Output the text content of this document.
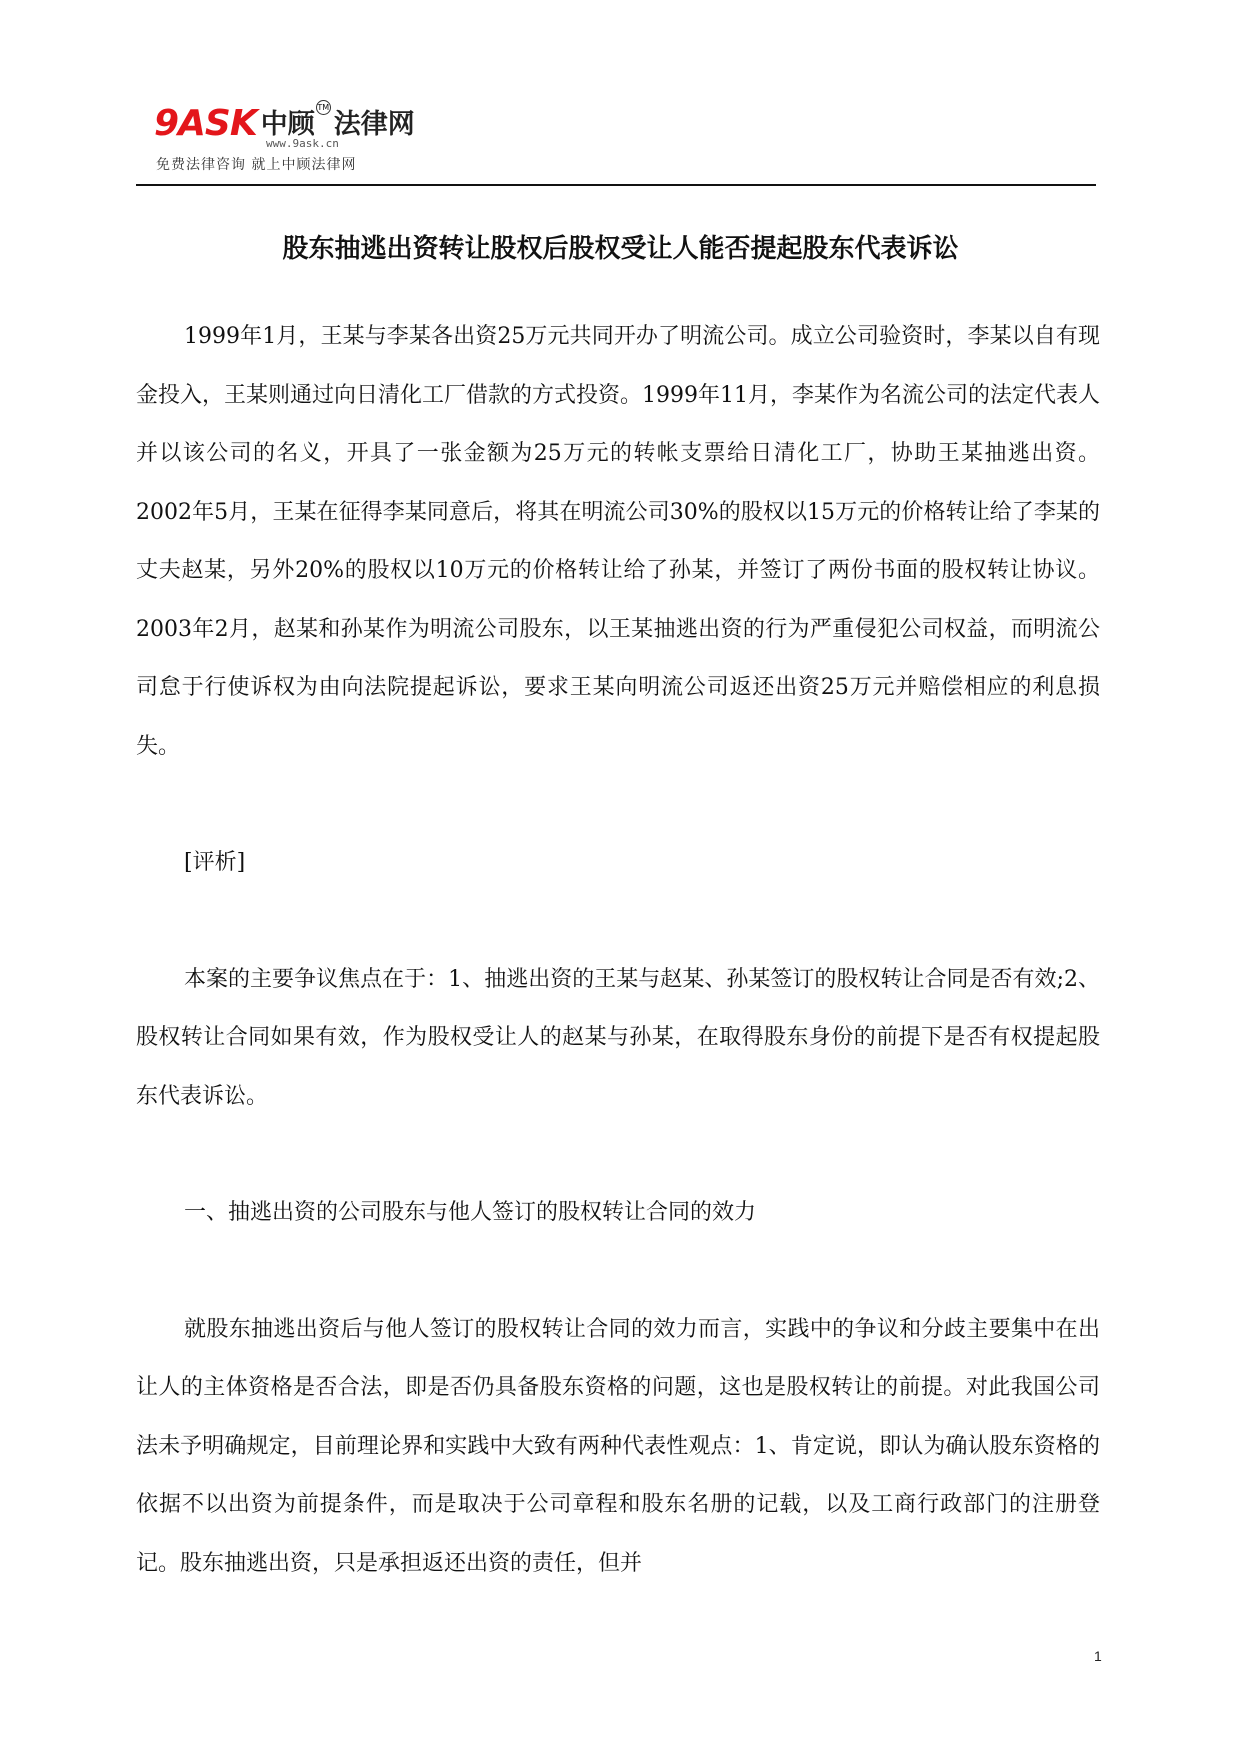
9ASK 中顾
TM
法律网
www.9ask.cn
免费法律咨询 就上中顾法律网
股东抽逃出资转让股权后股权受让人能否提起股东代表诉讼

1999年1月，王某与李某各出资25万元共同开办了明流公司。成立公司验资时，李某以自有现金投入，王某则通过向日清化工厂借款的方式投资。1999年11月，李某作为名流公司的法定代表人并以该公司的名义，开具了一张金额为25万元的转帐支票给日清化工厂，协助王某抽逃出资。 2002年5月，王某在征得李某同意后，将其在明流公司30%的股权以15万元的价格转让给了李某的丈夫赵某，另外20%的股权以10万元的价格转让给了孙某，并签订了两份书面的股权转让协议。2003年2月，赵某和孙某作为明流公司股东，以王某抽逃出资的行为严重侵犯公司权益，而明流公司怠于行使诉权为由向法院提起诉讼，要求王某向明流公司返还出资25万元并赔偿相应的利息损失。

[评析]

本案的主要争议焦点在于：1、抽逃出资的王某与赵某、孙某签订的股权转让合同是否有效;2、股权转让合同如果有效，作为股权受让人的赵某与孙某，在取得股东身份的前提下是否有权提起股东代表诉讼。

一、抽逃出资的公司股东与他人签订的股权转让合同的效力

就股东抽逃出资后与他人签订的股权转让合同的效力而言，实践中的争议和分歧主要集中在出让人的主体资格是否合法，即是否仍具备股东资格的问题，这也是股权转让的前提。对此我国公司法未予明确规定，目前理论界和实践中大致有两种代表性观点：1、肯定说，即认为确认股东资格的依据不以出资为前提条件，而是取决于公司章程和股东名册的记载，以及工商行政部门的注册登记。股东抽逃出资，只是承担返还出资的责任，但并

1
